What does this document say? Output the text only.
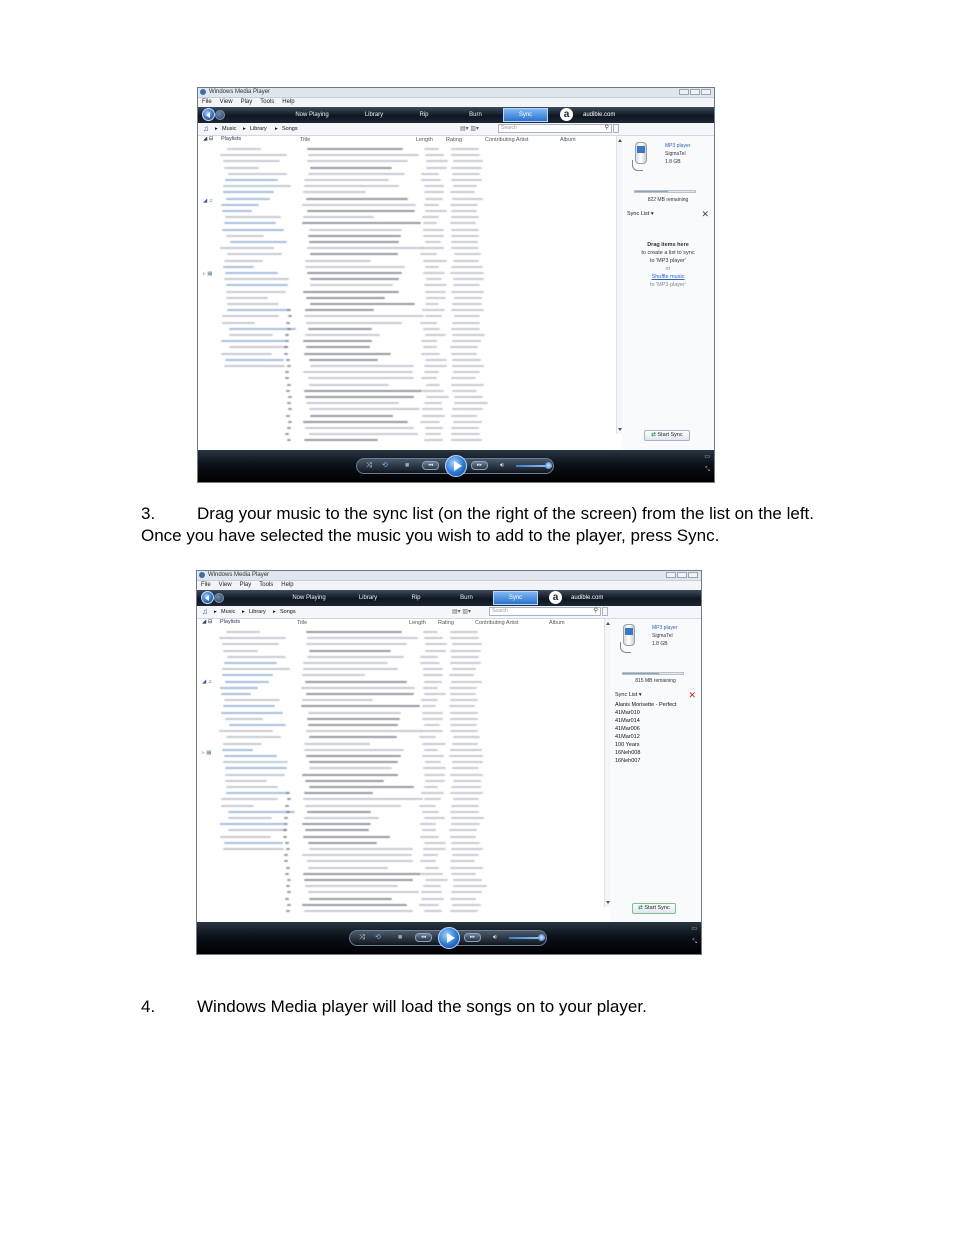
Windows Media Player
File View Play Tools Help
Now Playing	Library	Rip	Burn	Sync	a	audible.com
♫ ▸ Music ▸ Library ▸ Songs	▤▾ ▥▾	Search	⚲
Title	Length Rating	Contributing Artist	Album
◢ ⊟ Playlists
◢ ♫
▹ ▦
MP3 player
SigmaTel
1.8 GB
822 MB remaining
Sync List ▾	✕
Drag items here
to create a list to sync
to 'MP3 player'
or
Shuffle music
to 'MP3 player'
⇄ Start Sync
⤨ ⟲ ■	◂◂	▸▸	🔉︎
▭
⤡
3.	Drag your music to the sync list (on the right of the screen) from the list on the left. Once you have selected the music you wish to add to the player, press Sync.
Windows Media Player
File View Play Tools Help
Now Playing	Library	Rip	Burn	Sync	a	audible.com
♫ ▸ Music ▸ Library ▸ Songs	▤▾ ▥▾	Search	⚲
Title	Length Rating	Contributing Artist	Album
◢ ⊟ Playlists
◢ ♫
▹ ▦
MP3 player
SigmaTel
1.8 GB
815 MB remaining
Sync List ▾	✕
Alanis Morisette - Perfect
41Mar010
41Mar014
41Mar006
41Mar012
100 Years
16Neh008
16Neh007
⇄ Start Sync
⤨ ⟲ ■	◂◂	▸▸	🔉︎
▭
⤡
4.	Windows Media player will load the songs on to your player.
